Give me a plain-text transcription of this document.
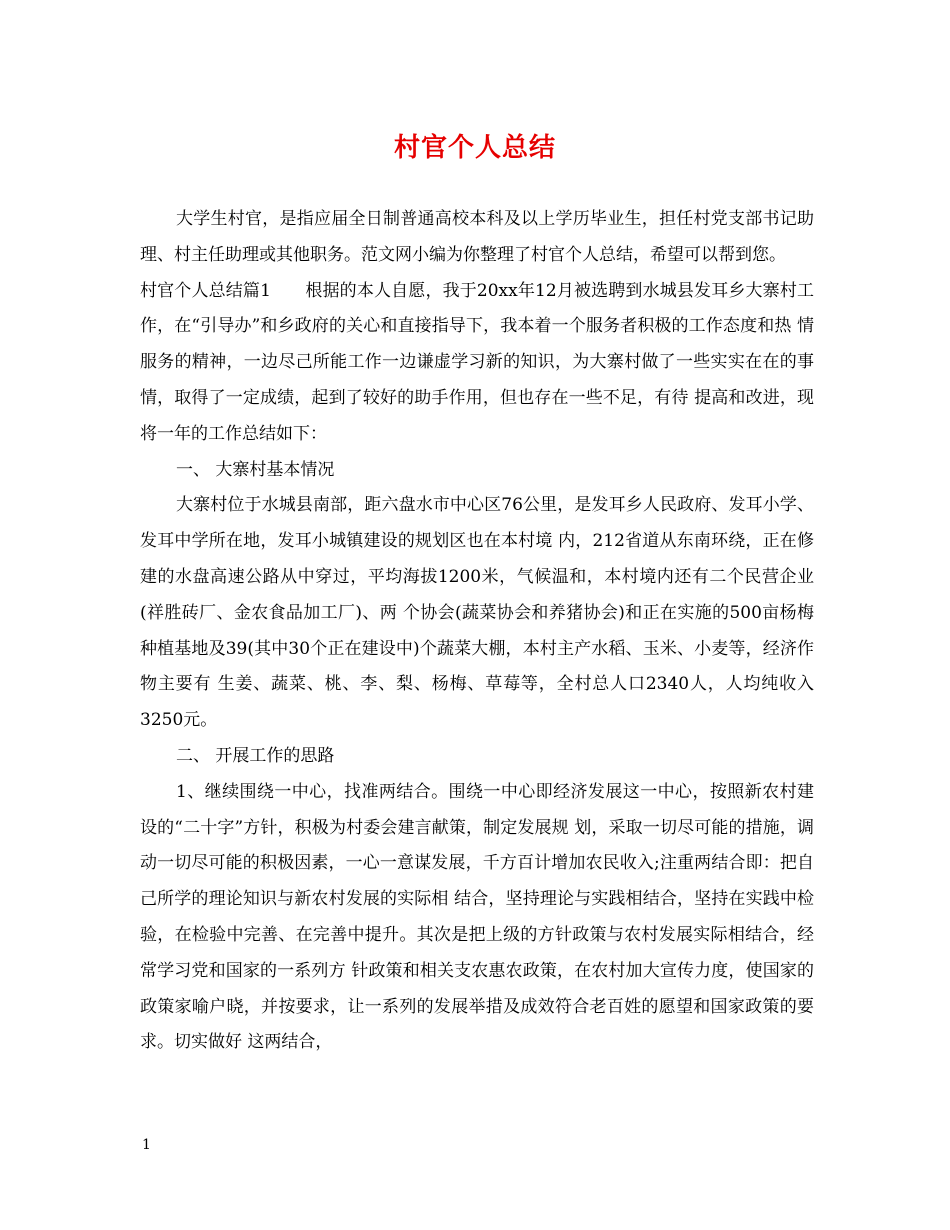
村官个人总结

大学生村官，是指应届全日制普通高校本科及以上学历毕业生，担任村党支部书记助理、村主任助理或其他职务。范文网小编为你整理了村官个人总结，希望可以帮到您。

村官个人总结篇1　　根据的本人自愿，我于20xx年12月被选聘到水城县发耳乡大寨村工作，在“引导办”和乡政府的关心和直接指导下，我本着一个服务者积极的工作态度和热 情服务的精神，一边尽己所能工作一边谦虚学习新的知识，为大寨村做了一些实实在在的事情，取得了一定成绩，起到了较好的助手作用，但也存在一些不足，有待 提高和改进，现将一年的工作总结如下：

一、 大寨村基本情况

大寨村位于水城县南部，距六盘水市中心区76公里，是发耳乡人民政府、发耳小学、发耳中学所在地，发耳小城镇建设的规划区也在本村境 内，212省道从东南环绕，正在修建的水盘高速公路从中穿过，平均海拔1200米，气候温和，本村境内还有二个民营企业(祥胜砖厂、金农食品加工厂)、两 个协会(蔬菜协会和养猪协会)和正在实施的500亩杨梅种植基地及39(其中30个正在建设中)个蔬菜大棚，本村主产水稻、玉米、小麦等，经济作物主要有 生姜、蔬菜、桃、李、梨、杨梅、草莓等，全村总人口2340人，人均纯收入3250元。

二、 开展工作的思路

1、继续围绕一中心，找准两结合。围绕一中心即经济发展这一中心，按照新农村建设的“二十字”方针，积极为村委会建言献策，制定发展规 划，采取一切尽可能的措施，调动一切尽可能的积极因素，一心一意谋发展，千方百计增加农民收入;注重两结合即：把自己所学的理论知识与新农村发展的实际相 结合，坚持理论与实践相结合，坚持在实践中检验，在检验中完善、在完善中提升。其次是把上级的方针政策与农村发展实际相结合，经常学习党和国家的一系列方 针政策和相关支农惠农政策，在农村加大宣传力度，使国家的政策家喻户晓，并按要求，让一系列的发展举措及成效符合老百姓的愿望和国家政策的要求。切实做好 这两结合，

1
